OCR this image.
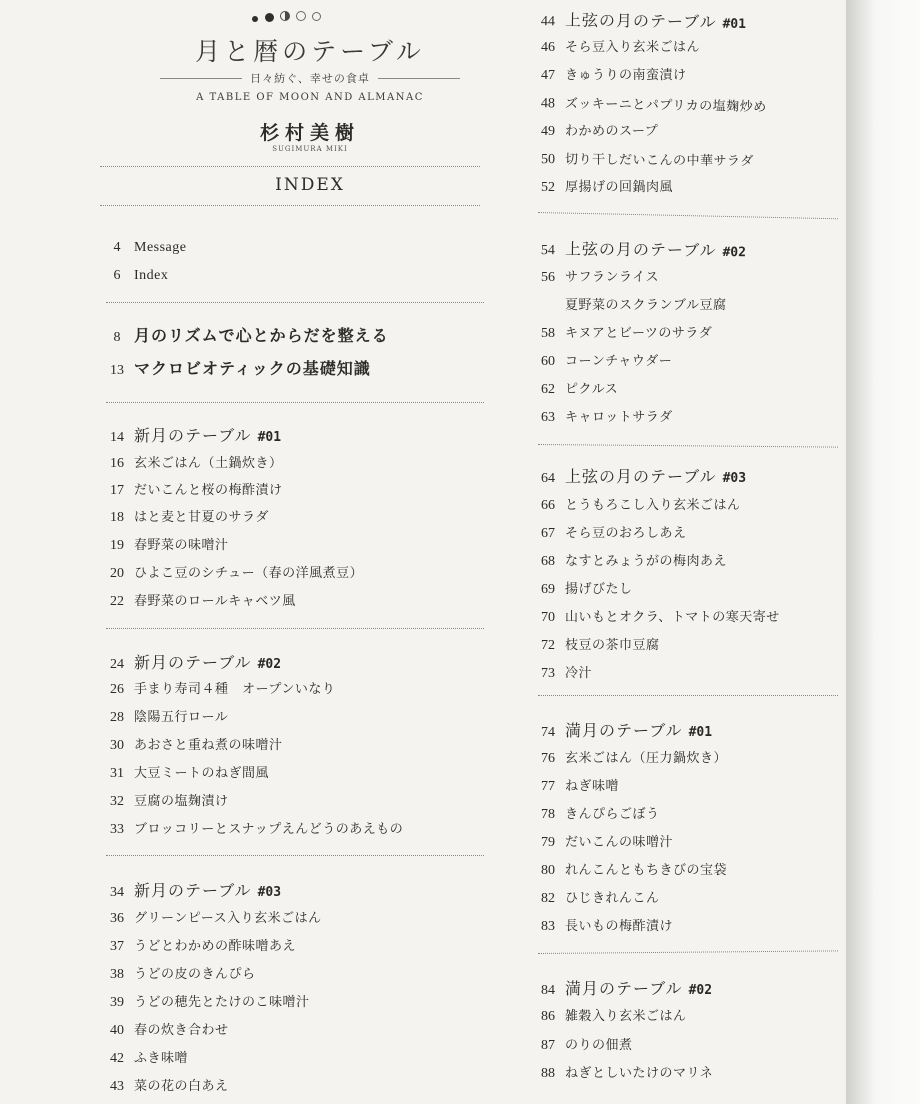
月と暦のテーブル
日々紡ぐ、幸せの食卓
A TABLE OF MOON AND ALMANAC
杉村美樹
SUGIMURA MIKI
INDEX
4 Message
6 Index
8 月のリズムで心とからだを整える
13 マクロビオティックの基礎知識
14 新月のテーブル #01
16 玄米ごはん（土鍋炊き）
17 だいこんと桜の梅酢漬け
18 はと麦と甘夏のサラダ
19 春野菜の味噌汁
20 ひよこ豆のシチュー（春の洋風煮豆）
22 春野菜のロールキャベツ風
24 新月のテーブル #02
26 手まり寿司４種　オープンいなり
28 陰陽五行ロール
30 あおさと重ね煮の味噌汁
31 大豆ミートのねぎ間風
32 豆腐の塩麹漬け
33 ブロッコリーとスナップえんどうのあえもの
34 新月のテーブル #03
36 グリーンピース入り玄米ごはん
37 うどとわかめの酢味噌あえ
38 うどの皮のきんぴら
39 うどの穂先とたけのこ味噌汁
40 春の炊き合わせ
42 ふき味噌
43 菜の花の白あえ
44 上弦の月のテーブル #01
46 そら豆入り玄米ごはん
47 きゅうりの南蛮漬け
48 ズッキーニとパプリカの塩麹炒め
49 わかめのスープ
50 切り干しだいこんの中華サラダ
52 厚揚げの回鍋肉風
54 上弦の月のテーブル #02
56 サフランライス
夏野菜のスクランブル豆腐
58 キヌアとビーツのサラダ
60 コーンチャウダー
62 ピクルス
63 キャロットサラダ
64 上弦の月のテーブル #03
66 とうもろこし入り玄米ごはん
67 そら豆のおろしあえ
68 なすとみょうがの梅肉あえ
69 揚げびたし
70 山いもとオクラ、トマトの寒天寄せ
72 枝豆の茶巾豆腐
73 冷汁
74 満月のテーブル #01
76 玄米ごはん（圧力鍋炊き）
77 ねぎ味噌
78 きんぴらごぼう
79 だいこんの味噌汁
80 れんこんともちきびの宝袋
82 ひじきれんこん
83 長いもの梅酢漬け
84 満月のテーブル #02
86 雑穀入り玄米ごはん
87 のりの佃煮
88 ねぎとしいたけのマリネ
